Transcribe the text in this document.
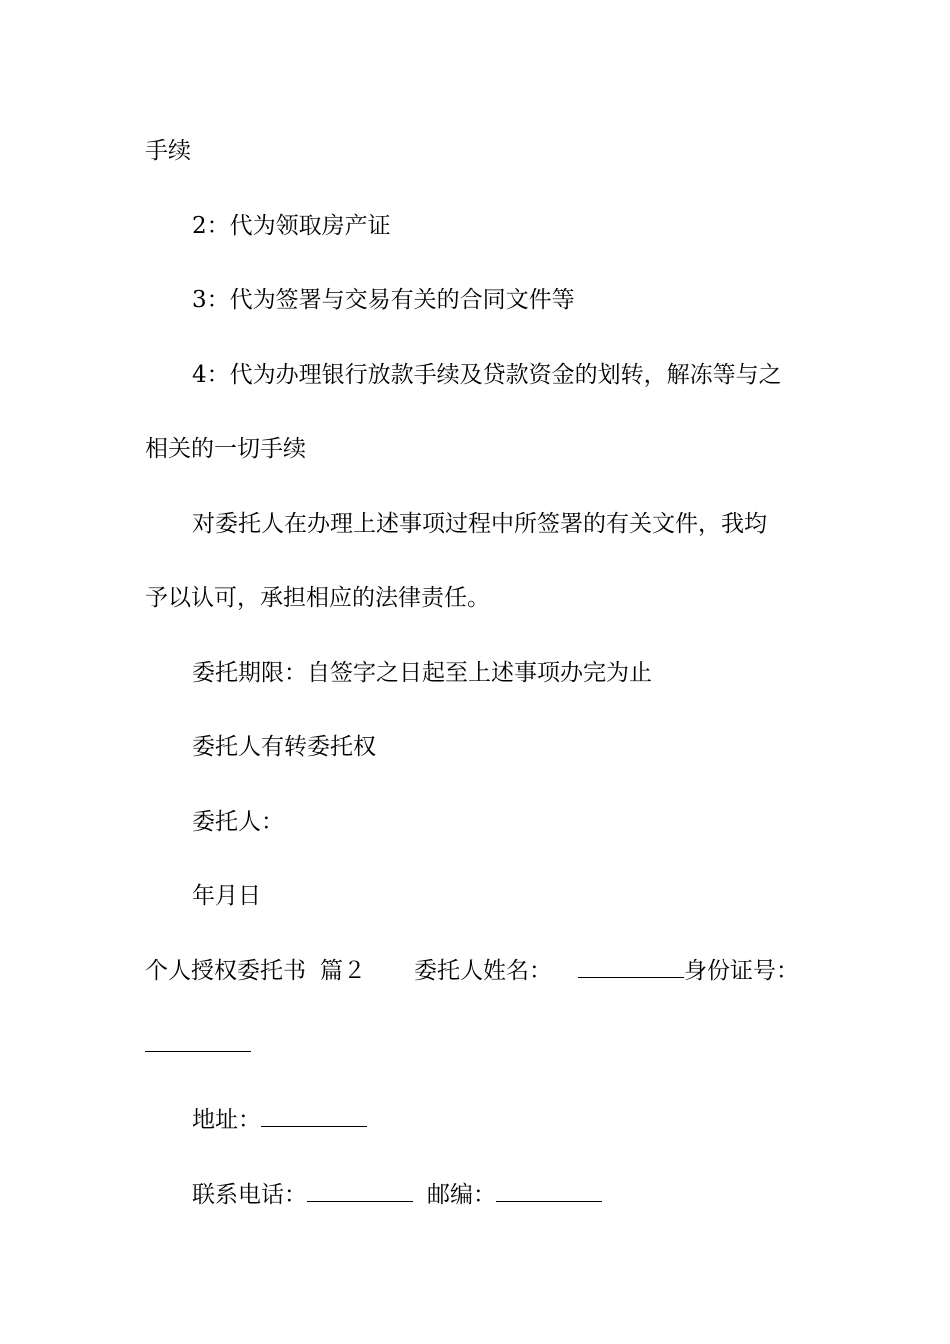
手续
2：代为领取房产证
3：代为签署与交易有关的合同文件等
4：代为办理银行放款手续及贷款资金的划转，解冻等与之
相关的一切手续
对委托人在办理上述事项过程中所签署的有关文件，我均
予以认可，承担相应的法律责任。
委托期限：自签字之日起至上述事项办完为止
委托人有转委托权
委托人：
年月日
个人授权委托书 篇２ 委托人姓名：	身份证号：
地址：
联系电话：	邮编：
